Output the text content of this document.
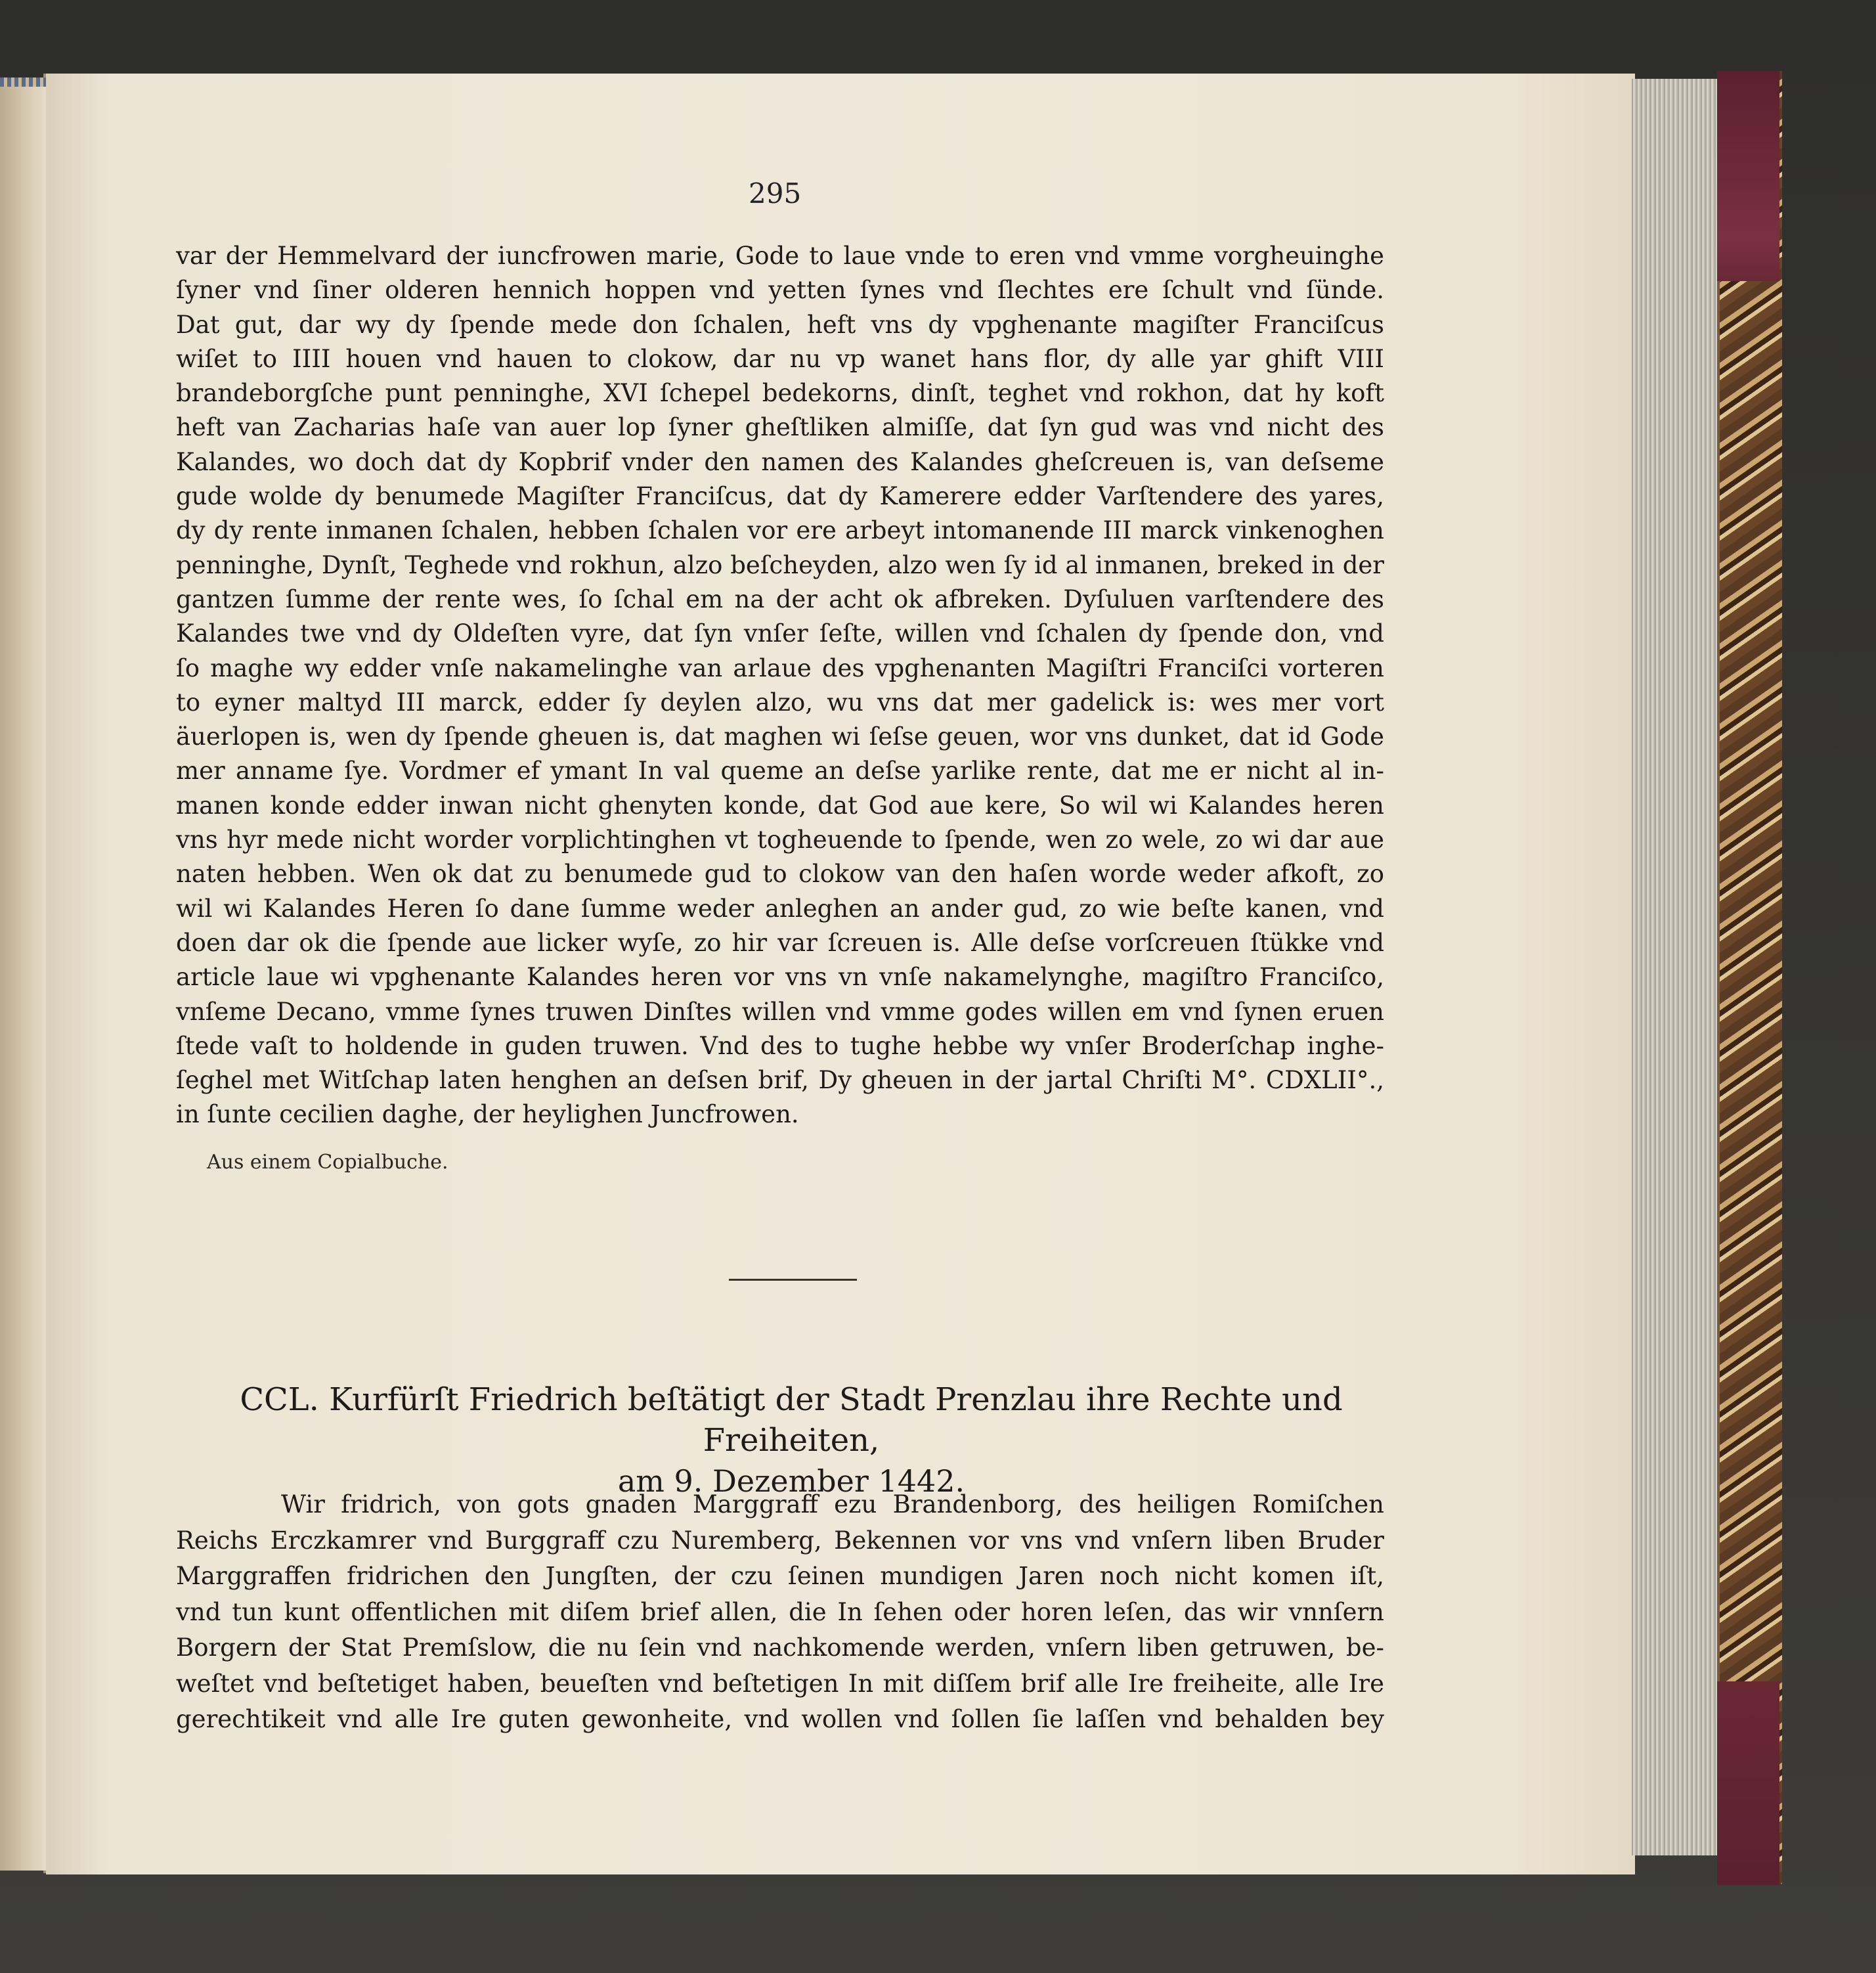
295
var der Hemmelvard der iuncfrowen marie, Gode to laue vnde to eren vnd vmme vorgheuinghe
ſyner vnd ſiner olderen hennich hoppen vnd yetten ſynes vnd ſlechtes ere ſchult vnd ſünde.
Dat gut, dar wy dy ſpende mede don ſchalen, heft vns dy vpghenante magiſter Franciſcus
wiſet to IIII houen vnd hauen to clokow, dar nu vp wanet hans flor, dy alle yar ghift VIII
brandeborgſche punt penninghe, XVI ſchepel bedekorns, dinſt, teghet vnd rokhon, dat hy koft
heft van Zacharias haſe van auer lop ſyner gheſtliken almiſſe, dat ſyn gud was vnd nicht des
Kalandes, wo doch dat dy Kopbrif vnder den namen des Kalandes gheſcreuen is, van deſseme
gude wolde dy benumede Magiſter Franciſcus, dat dy Kamerere edder Varſtendere des yares,
dy dy rente inmanen ſchalen, hebben ſchalen vor ere arbeyt intomanende III marck vinkenoghen
penninghe, Dynſt, Teghede vnd rokhun, alzo beſcheyden, alzo wen ſy id al inmanen, breked in der
gantzen ſumme der rente wes, ſo ſchal em na der acht ok afbreken. Dyſuluen varſtendere des
Kalandes twe vnd dy Oldeſten vyre, dat ſyn vnſer ſeſte, willen vnd ſchalen dy ſpende don, vnd
ſo maghe wy edder vnſe nakamelinghe van arlaue des vpghenanten Magiſtri Franciſci vorteren
to eyner maltyd III marck, edder ſy deylen alzo, wu vns dat mer gadelick is: wes mer vort
äuerlopen is, wen dy ſpende gheuen is, dat maghen wi ſeſse geuen, wor vns dunket, dat id Gode
mer anname ſye. Vordmer ef ymant In val queme an deſse yarlike rente, dat me er nicht al in-
manen konde edder inwan nicht ghenyten konde, dat God aue kere, So wil wi Kalandes heren
vns hyr mede nicht worder vorplichtinghen vt togheuende to ſpende, wen zo wele, zo wi dar aue
naten hebben. Wen ok dat zu benumede gud to clokow van den haſen worde weder afkoft, zo
wil wi Kalandes Heren ſo dane ſumme weder anleghen an ander gud, zo wie beſte kanen, vnd
doen dar ok die ſpende aue licker wyſe, zo hir var ſcreuen is. Alle deſse vorſcreuen ſtükke vnd
article laue wi vpghenante Kalandes heren vor vns vn vnſe nakamelynghe, magiſtro Franciſco,
vnſeme Decano, vmme ſynes truwen Dinſtes willen vnd vmme godes willen em vnd ſynen eruen
ſtede vaſt to holdende in guden truwen. Vnd des to tughe hebbe wy vnſer Broderſchap inghe-
ſeghel met Witſchap laten henghen an deſsen brif, Dy gheuen in der jartal Chriſti M°. CDXLII°.,
in ſunte cecilien daghe, der heylighen Juncfrowen.
Aus einem Copialbuche.
CCL. Kurfürſt Friedrich beſtätigt der Stadt Prenzlau ihre Rechte und Freiheiten,
am 9. Dezember 1442.
Wir fridrich, von gots gnaden Marggraff ezu Brandenborg, des heiligen Romiſchen
Reichs Erczkamrer vnd Burggraff czu Nuremberg, Bekennen vor vns vnd vnſern liben Bruder
Marggraffen fridrichen den Jungſten, der czu ſeinen mundigen Jaren noch nicht komen iſt,
vnd tun kunt offentlichen mit diſem brief allen, die In ſehen oder horen leſen, das wir vnnſern
Borgern der Stat Premſslow, die nu ſein vnd nachkomende werden, vnſern liben getruwen, be-
weſtet vnd beſtetiget haben, beueſten vnd beſtetigen In mit diſſem brif alle Ire freiheite, alle Ire
gerechtikeit vnd alle Ire guten gewonheite, vnd wollen vnd ſollen ſie laſſen vnd behalden bey
